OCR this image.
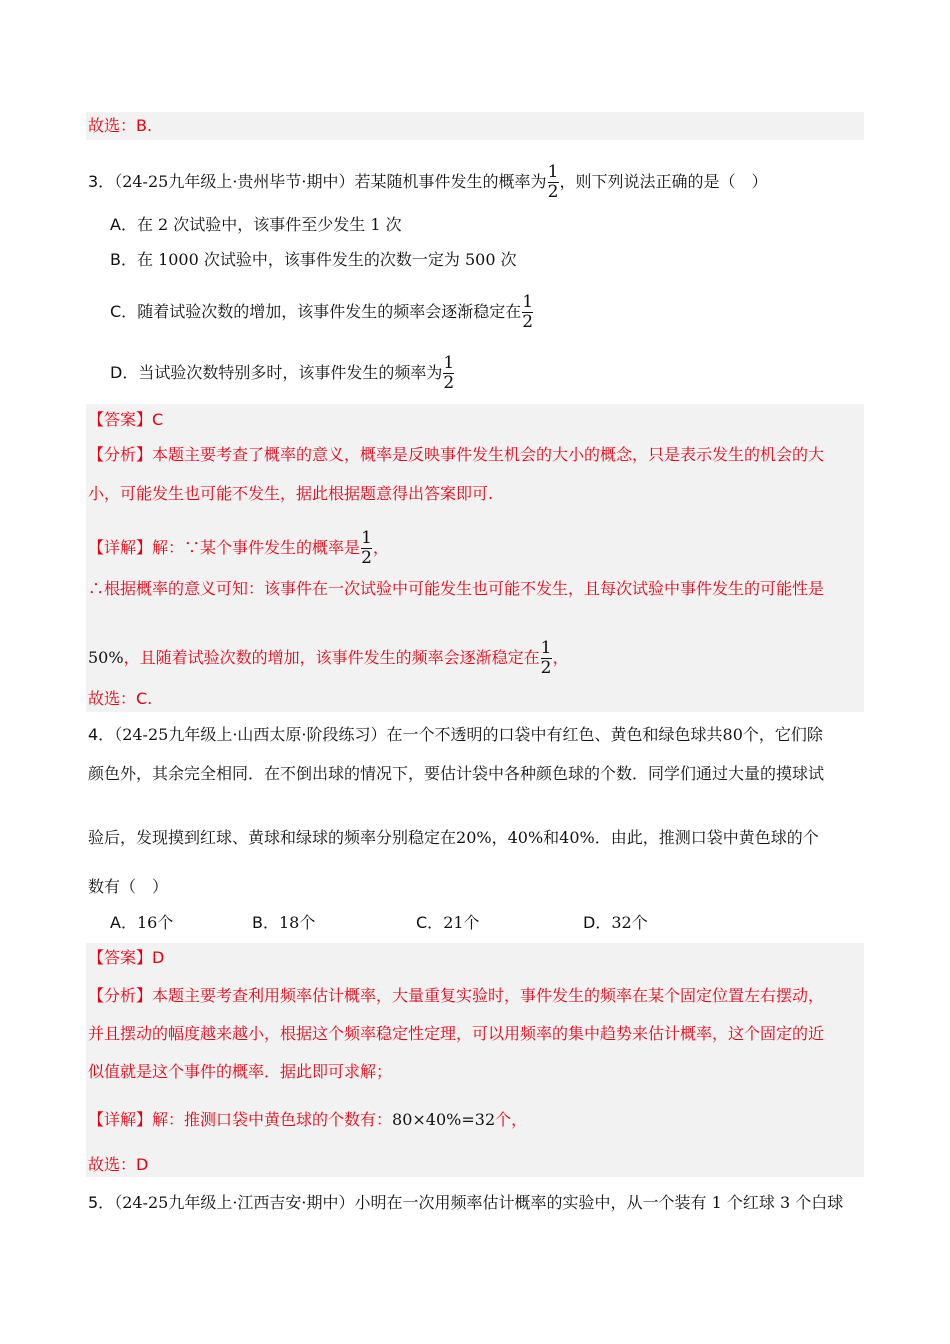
故选：B.
3．（24-25九年级上·贵州毕节·期中）若某随机事件发生的概率为 $\frac{1}{2}$ ，则下列说法正确的是（　）
A．在 2 次试验中，该事件至少发生 1 次
B．在 1000 次试验中，该事件发生的次数一定为 500 次
C．随着试验次数的增加，该事件发生的频率会逐渐稳定在 $\frac{1}{2}$
D．当试验次数特别多时，该事件发生的频率为 $\frac{1}{2}$
【答案】C
【分析】本题主要考查了概率的意义，概率是反映事件发生机会的大小的概念，只是表示发生的机会的大
小，可能发生也可能不发生，据此根据题意得出答案即可.
【详解】解：∵某个事件发生的概率是 $\frac{1}{2}$ ，
∴根据概率的意义可知：该事件在一次试验中可能发生也可能不发生，且每次试验中事件发生的可能性是
50%，且随着试验次数的增加，该事件发生的频率会逐渐稳定在 $\frac{1}{2}$ ，
故选：C.
4．（24-25九年级上·山西太原·阶段练习）在一个不透明的口袋中有红色、黄色和绿色球共80个，它们除
颜色外，其余完全相同．在不倒出球的情况下，要估计袋中各种颜色球的个数．同学们通过大量的摸球试
验后，发现摸到红球、黄球和绿球的频率分别稳定在20%，40%和40%．由此，推测口袋中黄色球的个
数有（　）
A．16个	B．18个	C．21个	D．32个
【答案】D
【分析】本题主要考查利用频率估计概率，大量重复实验时，事件发生的频率在某个固定位置左右摆动，
并且摆动的幅度越来越小，根据这个频率稳定性定理，可以用频率的集中趋势来估计概率，这个固定的近
似值就是这个事件的概率．据此即可求解；
【详解】解：推测口袋中黄色球的个数有：80×40%=32个，
故选：D
5．（24-25九年级上·江西吉安·期中）小明在一次用频率估计概率的实验中，从一个装有 1 个红球 3 个白球
